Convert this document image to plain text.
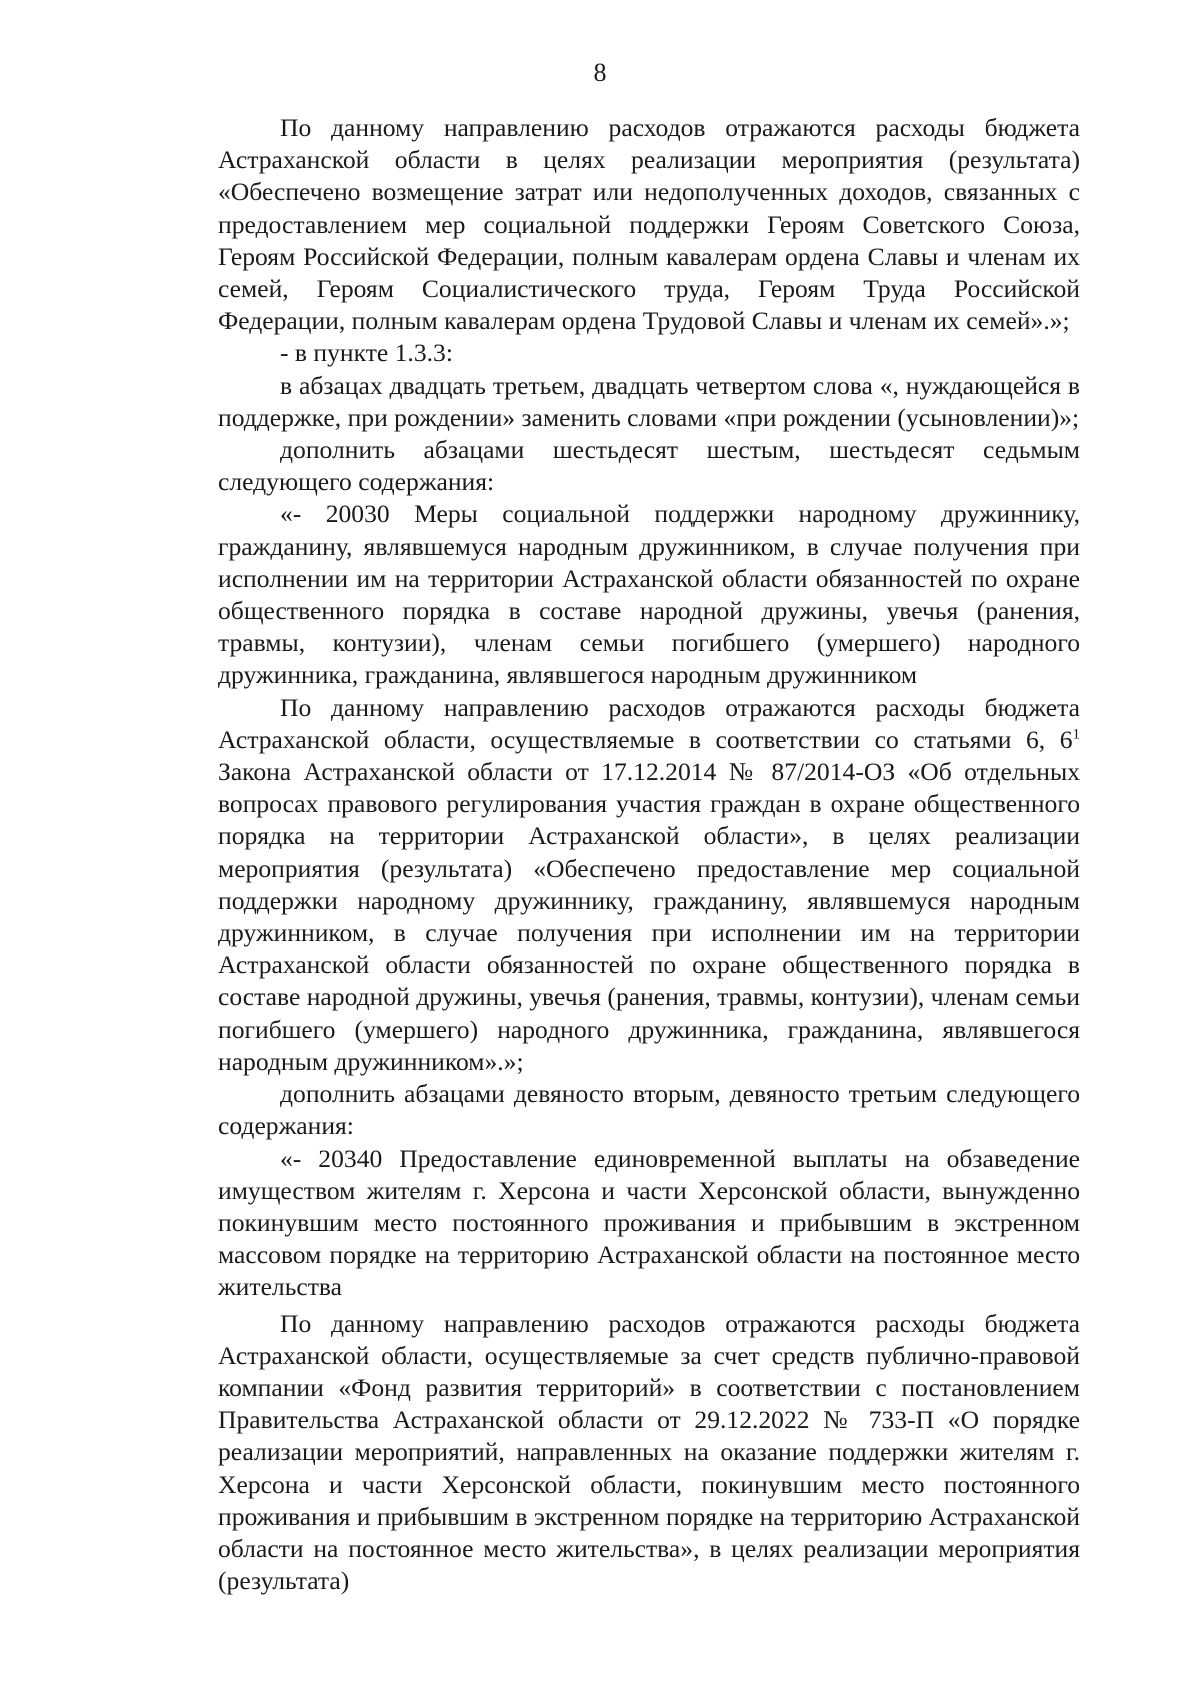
8

По данному направлению расходов отражаются расходы бюджета Астраханской области в целях реализации мероприятия (результата) «Обеспечено возмещение затрат или недополученных доходов, связанных с предоставлением мер социальной поддержки Героям Советского Союза, Героям Российской Федерации, полным кавалерам ордена Славы и членам их семей, Героям Социалистического труда, Героям Труда Российской Федерации, полным кавалерам ордена Трудовой Славы и членам их семей».»;

- в пункте 1.3.3:

в абзацах двадцать третьем, двадцать четвертом слова «, нуждающейся в поддержке, при рождении» заменить словами «при рождении (усыновлении)»;

дополнить абзацами шестьдесят шестым, шестьдесят седьмым следующего содержания:

«- 20030 Меры социальной поддержки народному дружиннику, гражданину, являвшемуся народным дружинником, в случае получения при исполнении им на территории Астраханской области обязанностей по охране общественного порядка в составе народной дружины, увечья (ранения, травмы, контузии), членам семьи погибшего (умершего) народного дружинника, гражданина, являвшегося народным дружинником

По данному направлению расходов отражаются расходы бюджета Астраханской области, осуществляемые в соответствии со статьями 6, $6^1$ Закона Астраханской области от 17.12.2014 № 87/2014-ОЗ «Об отдельных вопросах правового регулирования участия граждан в охране общественного порядка на территории Астраханской области», в целях реализации мероприятия (результата) «Обеспечено предоставление мер социальной поддержки народному дружиннику, гражданину, являвшемуся народным дружинником, в случае получения при исполнении им на территории Астраханской области обязанностей по охране общественного порядка в составе народной дружины, увечья (ранения, травмы, контузии), членам семьи погибшего (умершего) народного дружинника, гражданина, являвшегося народным дружинником».»;

дополнить абзацами девяносто вторым, девяносто третьим следующего содержания:

«- 20340 Предоставление единовременной выплаты на обзаведение имуществом жителям г. Херсона и части Херсонской области, вынужденно покинувшим место постоянного проживания и прибывшим в экстренном массовом порядке на территорию Астраханской области на постоянное место жительства

По данному направлению расходов отражаются расходы бюджета Астраханской области, осуществляемые за счет средств публично-правовой компании «Фонд развития территорий» в соответствии с постановлением Правительства Астраханской области от 29.12.2022 № 733-П «О порядке реализации мероприятий, направленных на оказание поддержки жителям г. Херсона и части Херсонской области, покинувшим место постоянного проживания и прибывшим в экстренном порядке на территорию Астраханской области на постоянное место жительства», в целях реализации мероприятия (результата)
